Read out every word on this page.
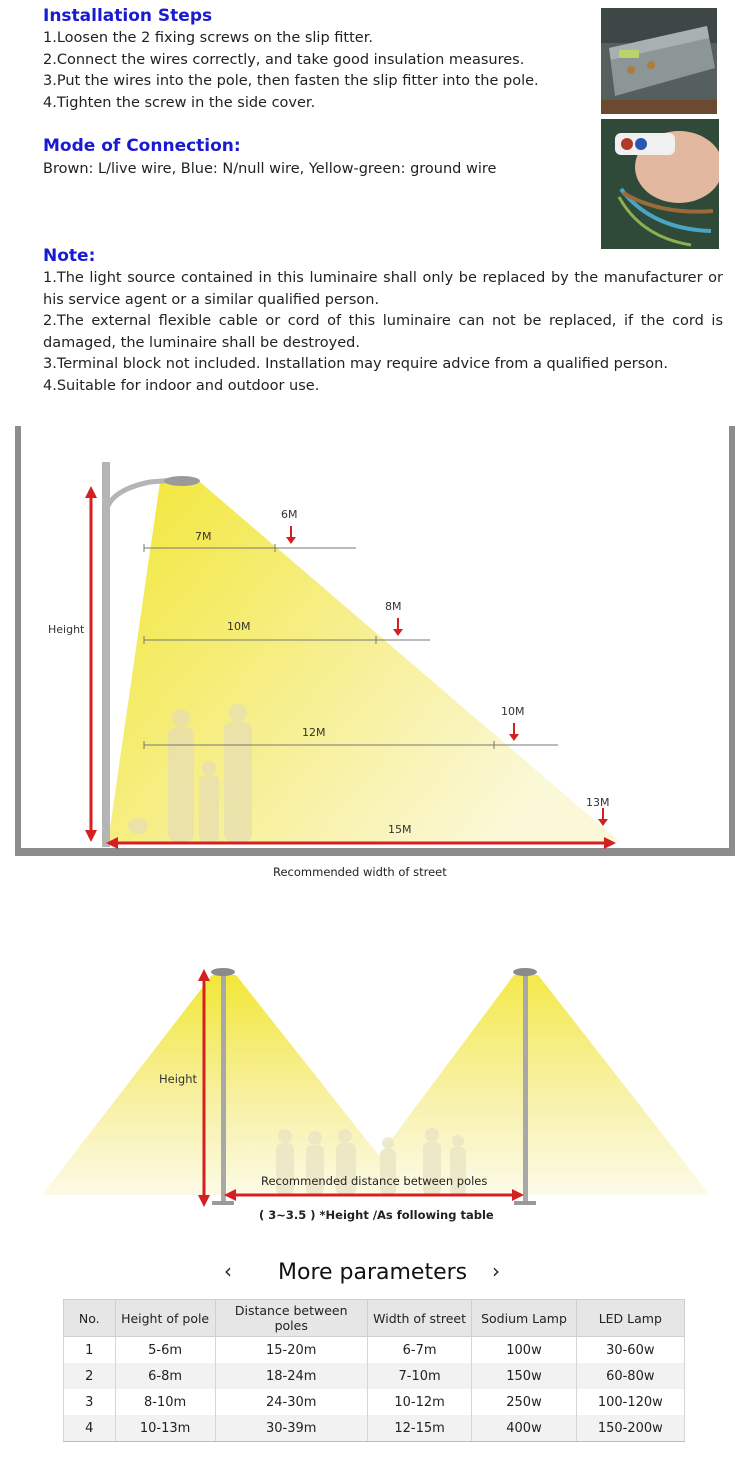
Installation Steps
1.Loosen the 2 fixing screws on the slip fitter.
2.Connect the wires correctly, and take good insulation measures.
3.Put the wires into the pole, then fasten the slip fitter into the pole.
4.Tighten the screw in the side cover.
Mode of Connection:
Brown: L/live wire, Blue: N/null wire, Yellow-green: ground wire
Note:
1.The light source contained in this luminaire shall only be replaced by the manufacturer or his service agent or a similar qualified person.
2.The external flexible cable or cord of this luminaire can not be replaced, if the cord is damaged, the luminaire shall be destroyed.
3.Terminal block not included. Installation may require advice from a qualified person.
4.Suitable for indoor and outdoor use.
Height
7M
6M
10M
8M
12M
10M
15M
13M
Recommended width of street
Height
Recommended distance between poles
( 3~3.5 ) *Height /As following table
‹ More parameters ›
No.	Height of pole	Distance between poles	Width of street	Sodium Lamp	LED Lamp
1	5-6m	15-20m	6-7m	100w	30-60w
2	6-8m	18-24m	7-10m	150w	60-80w
3	8-10m	24-30m	10-12m	250w	100-120w
4	10-13m	30-39m	12-15m	400w	150-200w
